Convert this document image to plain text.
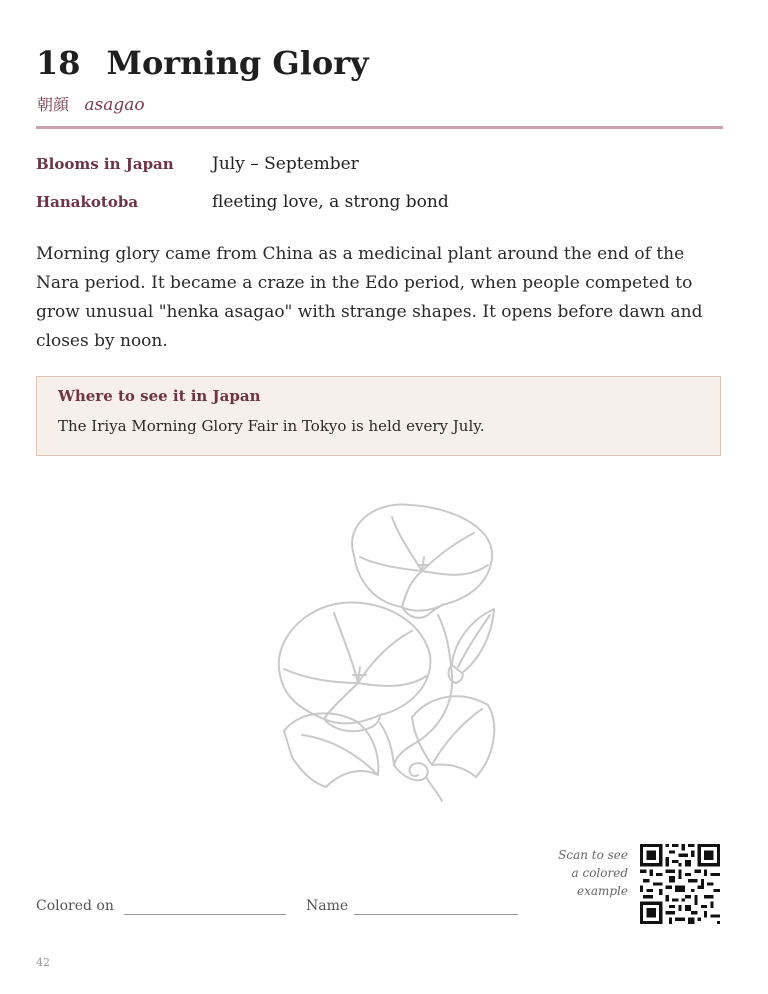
18 Morning Glory
朝顔 asagao
Blooms in Japan	July – September
Hanakotoba	fleeting love, a strong bond

Morning glory came from China as a medicinal plant around the end of the Nara period. It became a craze in the Edo period, when people competed to grow unusual "henka asagao" with strange shapes. It opens before dawn and closes by noon.

Where to see it in Japan
The Iriya Morning Glory Fair in Tokyo is held every July.
Scan to see
a colored
example
Colored on	Name
42
